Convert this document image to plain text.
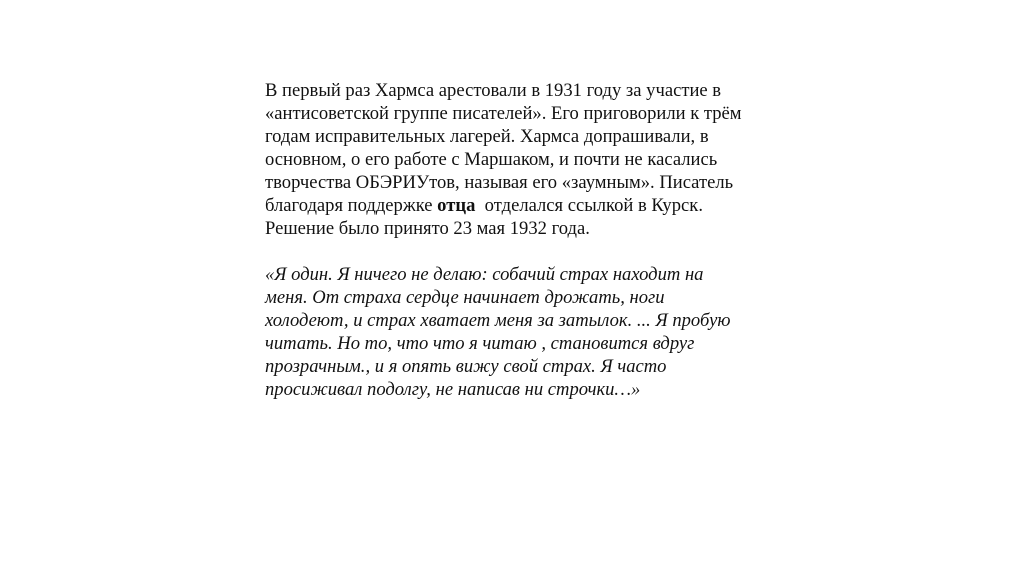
В первый раз Хармса арестовали в 1931 году за участие в
«антисоветской группе писателей». Его приговорили к трём
годам исправительных лагерей. Хармса допрашивали, в
основном, о его работе с Маршаком, и почти не касались
творчества ОБЭРИУтов, называя его «заумным». Писатель
благодаря поддержке отца  отделался ссылкой в Курск.
Решение было принято 23 мая 1932 года.

«Я один. Я ничего не делаю: собачий страх находит на
меня. От страха сердце начинает дрожать, ноги
холодеют, и страх хватает меня за затылок. ... Я пробую
читать. Но то, что что я читаю , становится вдруг
прозрачным., и я опять вижу свой страх. Я часто
просиживал подолгу, не написав ни строчки…»
